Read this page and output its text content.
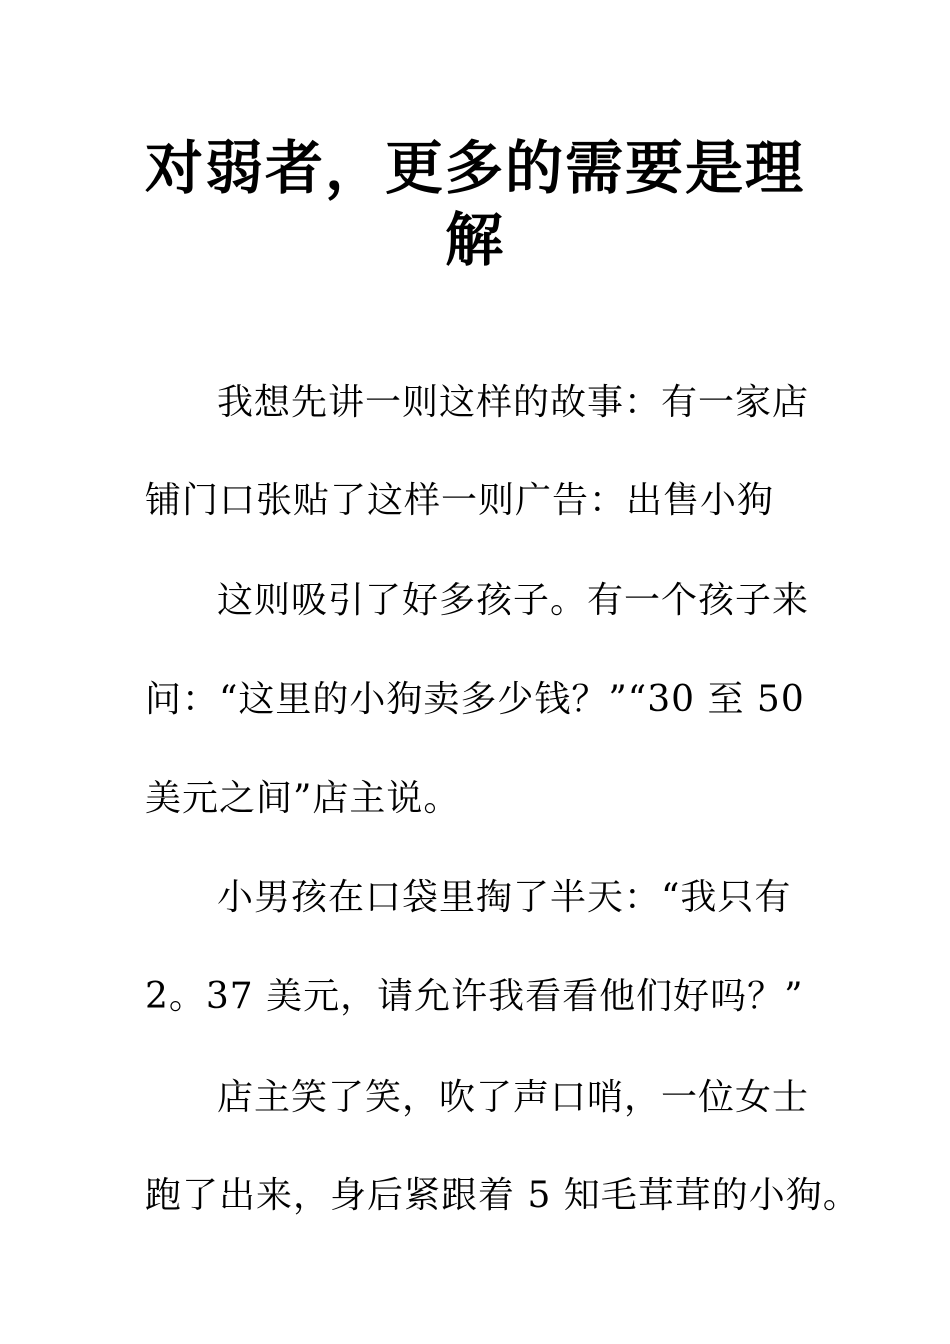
对弱者，更多的需要是理解
我想先讲一则这样的故事：有一家店
铺门口张贴了这样一则广告：出售小狗
这则吸引了好多孩子。有一个孩子来
问：“这里的小狗卖多少钱？”“30 至 50
美元之间”店主说。
小男孩在口袋里掏了半天：“我只有
2。37 美元，请允许我看看他们好吗？”
店主笑了笑，吹了声口哨，一位女士
跑了出来，身后紧跟着 5 知毛茸茸的小狗。
